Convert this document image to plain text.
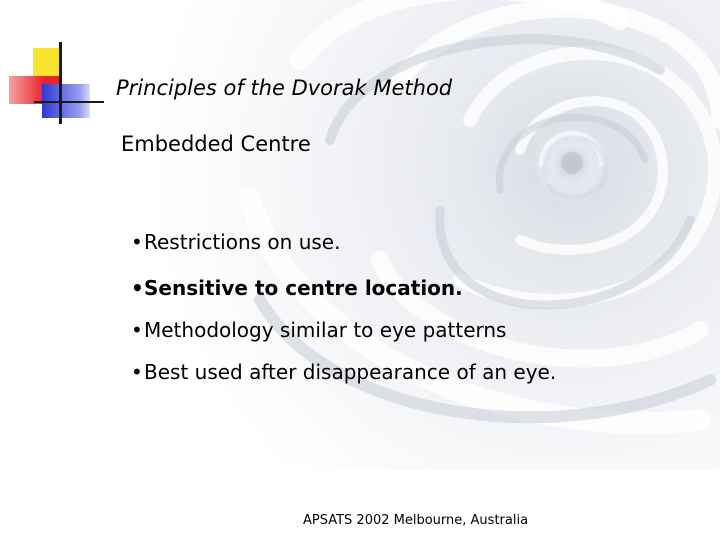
Principles of the Dvorak Method
Embedded Centre
•Restrictions on use.
•Sensitive to centre location.
•Methodology similar to eye patterns
•Best used after disappearance of an eye.
APSATS 2002 Melbourne, Australia
